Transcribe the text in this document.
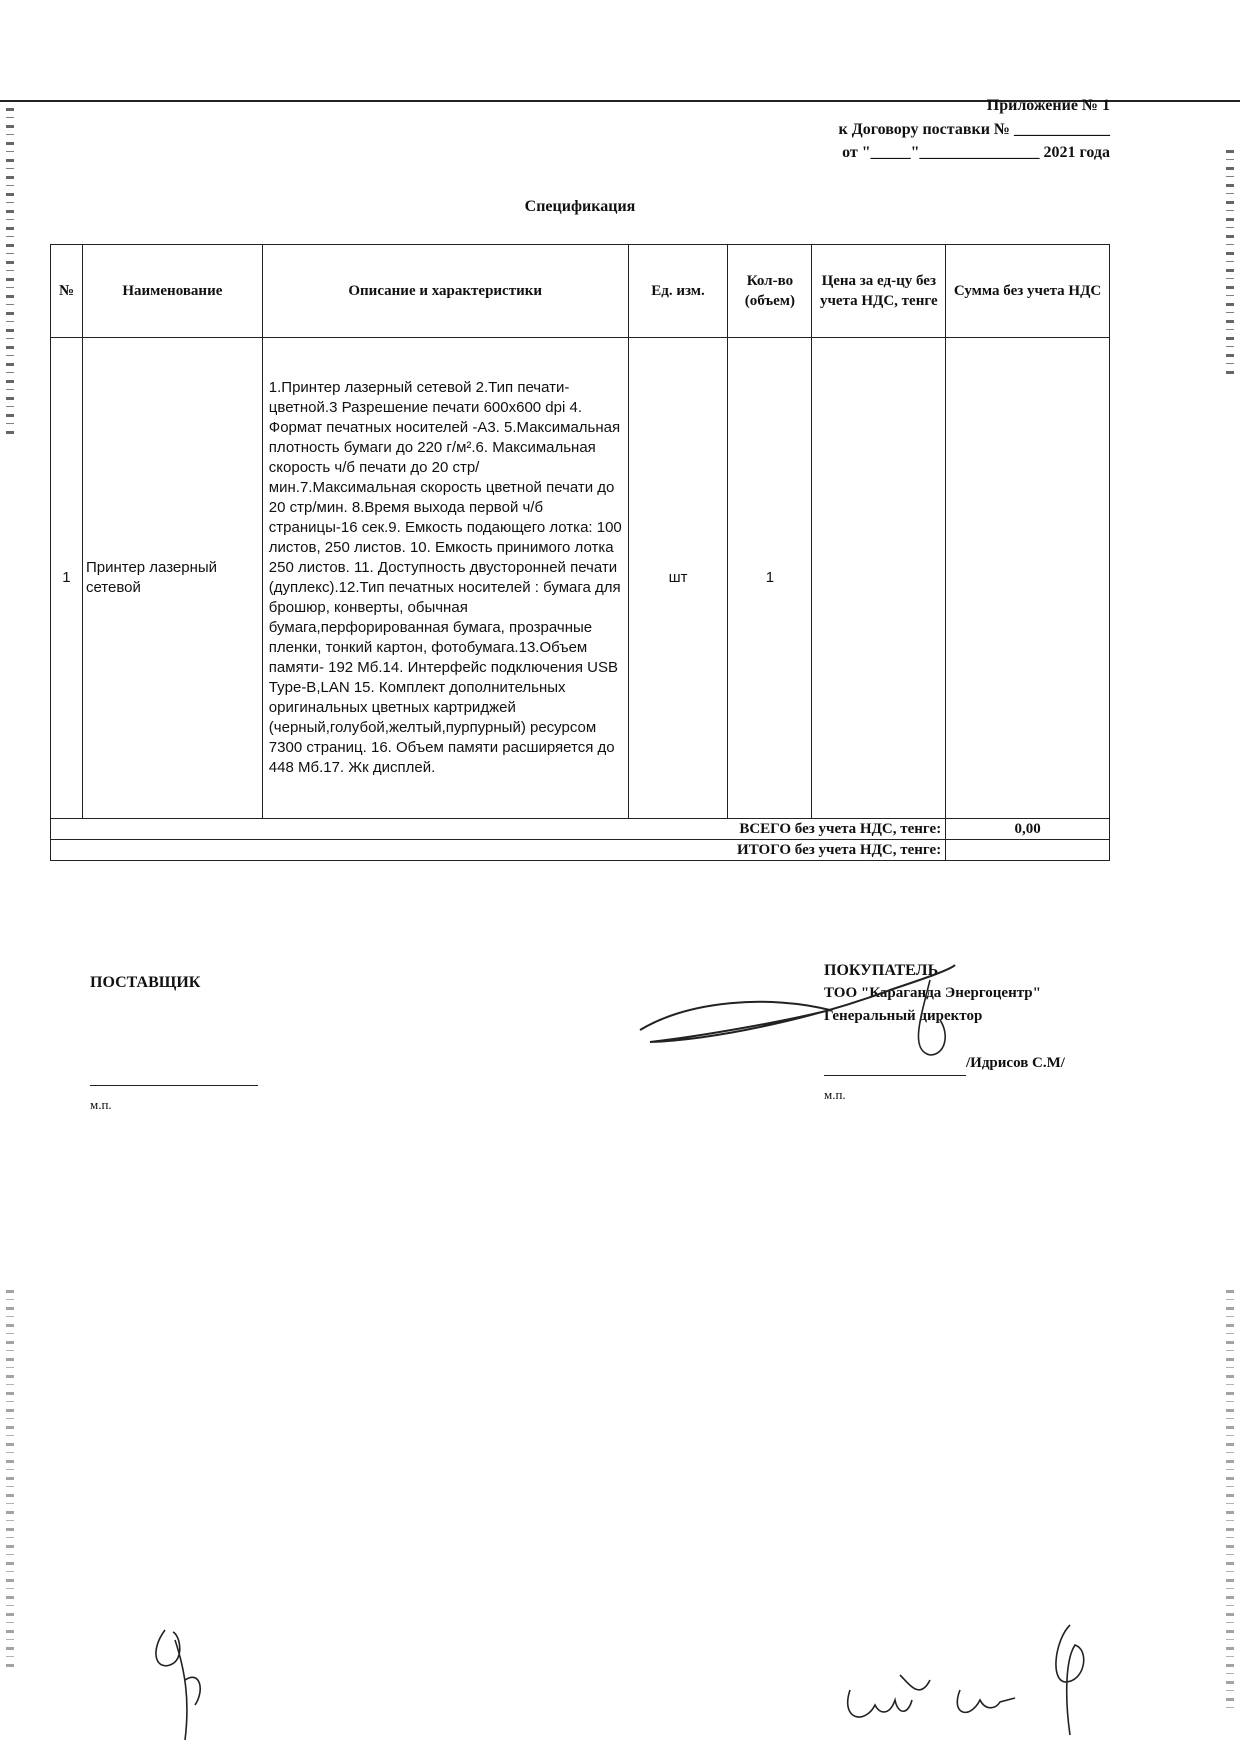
Приложение № 1
к Договору поставки № ____________
от "_____"_______________ 2021 года
Спецификация
№	Наименование	Описание и характеристики	Ед. изм.	Кол-во (объем)	Цена за ед-цу без учета НДС, тенге	Сумма без учета НДС
1	Принтер лазерный сетевой	1.Принтер лазерный сетевой 2.Тип печати-цветной.3 Разрешение печати 600x600 dpi 4. Формат печатных носителей -А3. 5.Максимальная плотность бумаги до 220 г/м².6. Максимальная скорость ч/б печати до 20 стр/мин.7.Максимальная скорость цветной печати до 20 стр/мин. 8.Время выхода первой ч/б страницы-16 сек.9. Емкость подающего лотка: 100 листов, 250 листов. 10. Емкость принимого лотка 250 листов. 11. Доступность двусторонней печати (дуплекс).12.Тип печатных носителей : бумага для брошюр, конверты, обычная бумага,перфорированная бумага, прозрачные пленки, тонкий картон, фотобумага.13.Объем памяти- 192 Мб.14. Интерфейс подключения USB Type-B,LAN 15. Комплект дополнительных оригинальных цветных картриджей (черный,голубой,желтый,пурпурный) ресурсом 7300 страниц. 16. Объем памяти расширяется до 448 Мб.17. Жк дисплей.	шт	1		
ВСЕГО без учета НДС, тенге:						0,00
ИТОГО без учета НДС, тенге:						
ПОСТАВЩИК
м.п.
ПОКУПАТЕЛЬ
ТОО "Караганда Энергоцентр"
Генеральный директор
/Идрисов С.М/
м.п.
